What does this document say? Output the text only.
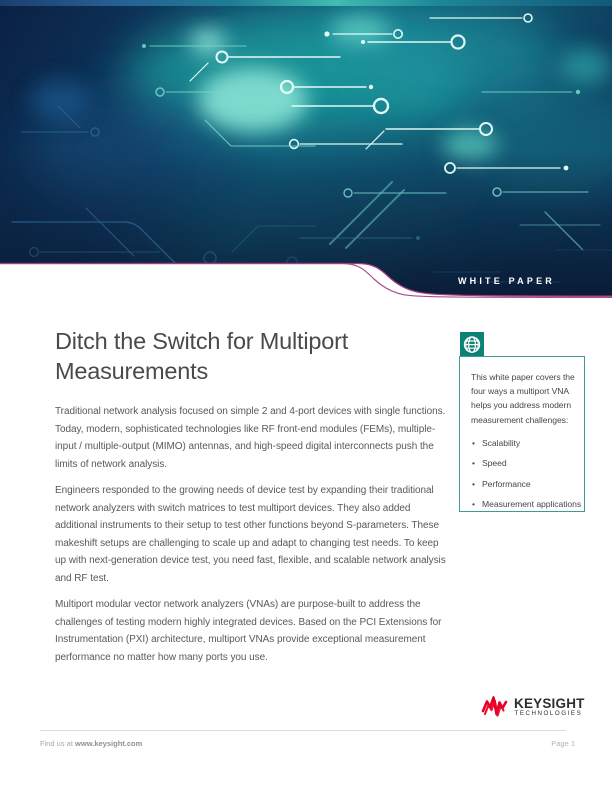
WHITE PAPER
Ditch the Switch for Multiport Measurements

Traditional network analysis focused on simple 2 and 4-port devices with single functions. Today, modern, sophisticated technologies like RF front-end modules (FEMs), multiple-input / multiple-output (MIMO) antennas, and high-speed digital interconnects push the limits of network analysis.

Engineers responded to the growing needs of device test by expanding their traditional network analyzers with switch matrices to test multiport devices. They also added additional instruments to their setup to test other functions beyond S-parameters. These makeshift setups are challenging to scale up and adapt to changing test needs. To keep up with next-generation device test, you need fast, flexible, and scalable network analysis and RF test.

Multiport modular vector network analyzers (VNAs) are purpose-built to address the challenges of testing modern highly integrated devices. Based on the PCI Extensions for Instrumentation (PXI) architecture, multiport VNAs provide exceptional measurement performance no matter how many ports you use.

This white paper covers the four ways a multiport VNA helps you address modern measurement challenges:

• Scalability
• Speed
• Performance
• Measurement applications
KEYSIGHT
TECHNOLOGIES
Find us at www.keysight.com	Page 1
